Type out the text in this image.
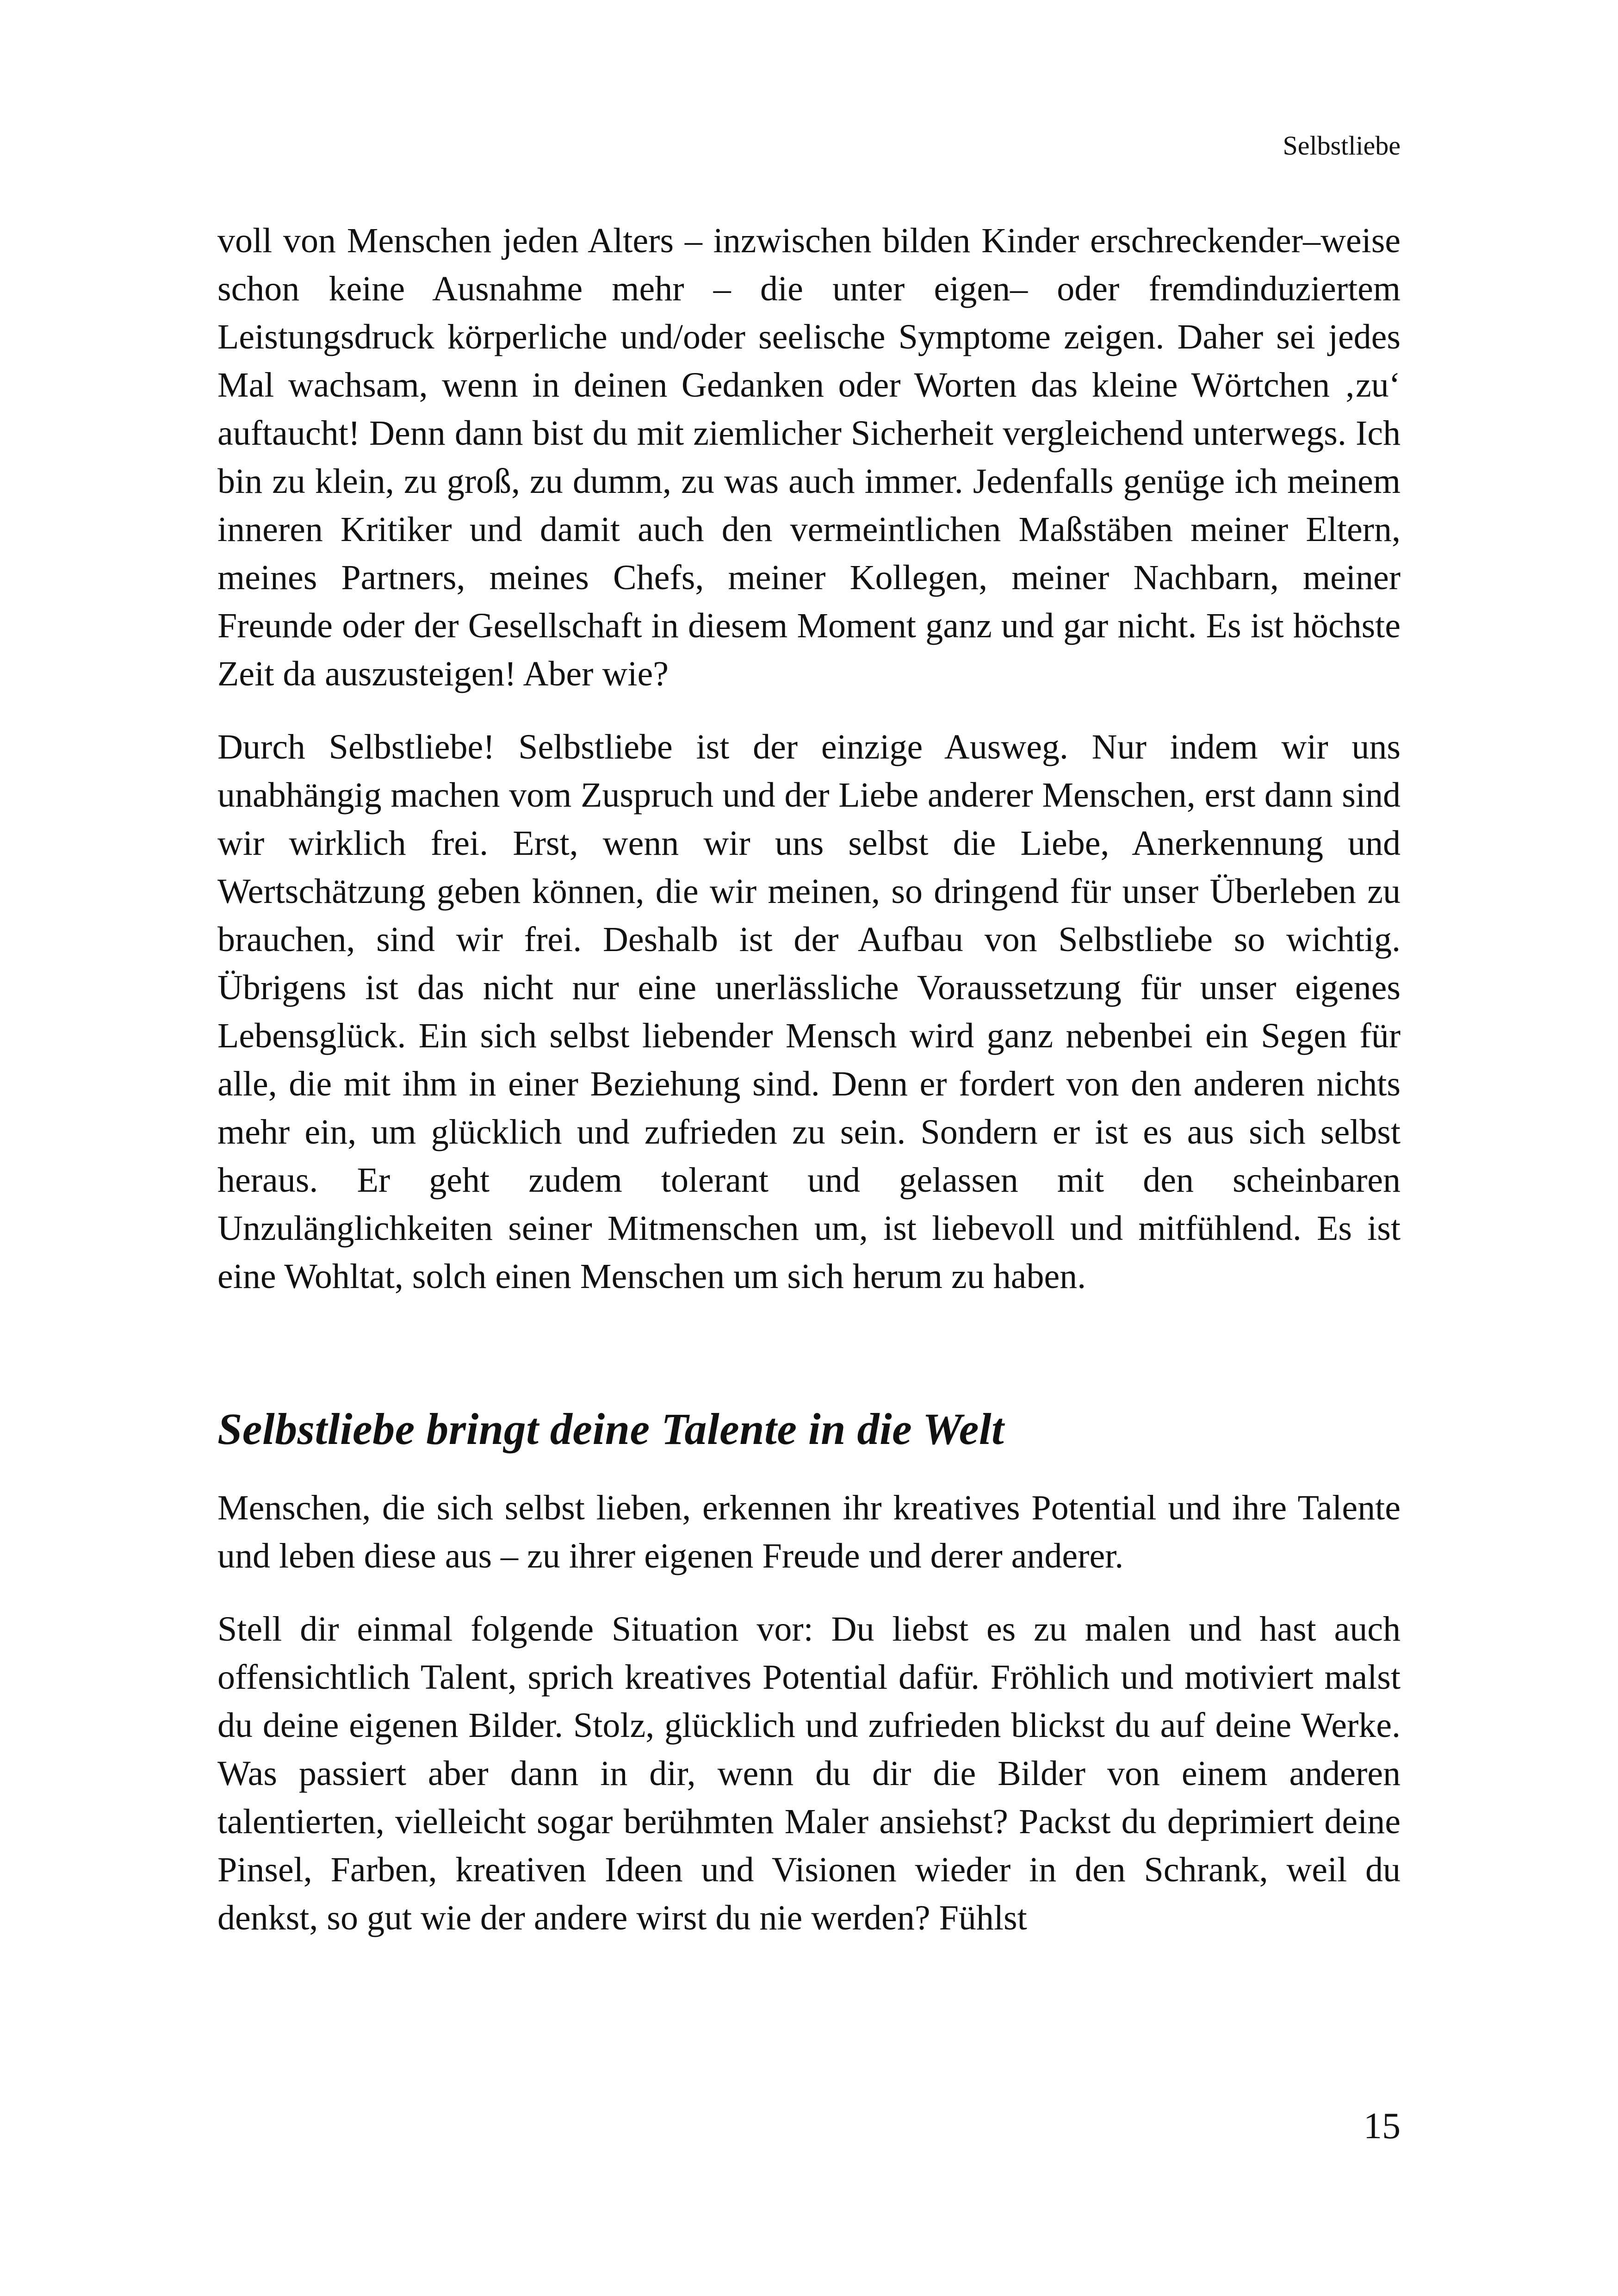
Selbstliebe

voll von Menschen jeden Alters – inzwischen bilden Kinder erschreckender–weise schon keine Ausnahme mehr – die unter eigen– oder fremdinduziertem Leistungsdruck körperliche und/oder seelische Symptome zeigen. Daher sei jedes Mal wachsam, wenn in deinen Gedanken oder Worten das kleine Wörtchen ‚zu‘ auftaucht! Denn dann bist du mit ziemlicher Sicherheit vergleichend unterwegs. Ich bin zu klein, zu groß, zu dumm, zu was auch immer. Jedenfalls genüge ich meinem inneren Kritiker und damit auch den vermeintlichen Maßstäben meiner Eltern, meines Partners, meines Chefs, meiner Kollegen, meiner Nachbarn, meiner Freunde oder der Gesellschaft in diesem Moment ganz und gar nicht. Es ist höchste Zeit da auszusteigen! Aber wie?

Durch Selbstliebe! Selbstliebe ist der einzige Ausweg. Nur indem wir uns unabhängig machen vom Zuspruch und der Liebe anderer Menschen, erst dann sind wir wirklich frei. Erst, wenn wir uns selbst die Liebe, Anerkennung und Wertschätzung geben können, die wir meinen, so dringend für unser Überleben zu brauchen, sind wir frei. Deshalb ist der Aufbau von Selbstliebe so wichtig. Übrigens ist das nicht nur eine unerlässliche Voraussetzung für unser eigenes Lebensglück. Ein sich selbst liebender Mensch wird ganz nebenbei ein Segen für alle, die mit ihm in einer Beziehung sind. Denn er fordert von den anderen nichts mehr ein, um glücklich und zufrieden zu sein. Sondern er ist es aus sich selbst heraus. Er geht zudem tolerant und gelassen mit den scheinbaren Unzulänglichkeiten seiner Mitmenschen um, ist liebevoll und mitfühlend. Es ist eine Wohltat, solch einen Menschen um sich herum zu haben.

Selbstliebe bringt deine Talente in die Welt

Menschen, die sich selbst lieben, erkennen ihr kreatives Potential und ihre Talente und leben diese aus – zu ihrer eigenen Freude und derer anderer.

Stell dir einmal folgende Situation vor: Du liebst es zu malen und hast auch offensichtlich Talent, sprich kreatives Potential dafür. Fröhlich und motiviert malst du deine eigenen Bilder. Stolz, glücklich und zufrieden blickst du auf deine Werke. Was passiert aber dann in dir, wenn du dir die Bilder von einem anderen talentierten, vielleicht sogar berühmten Maler ansiehst? Packst du deprimiert deine Pinsel, Farben, kreativen Ideen und Visionen wieder in den Schrank, weil du denkst, so gut wie der andere wirst du nie werden? Fühlst

15
